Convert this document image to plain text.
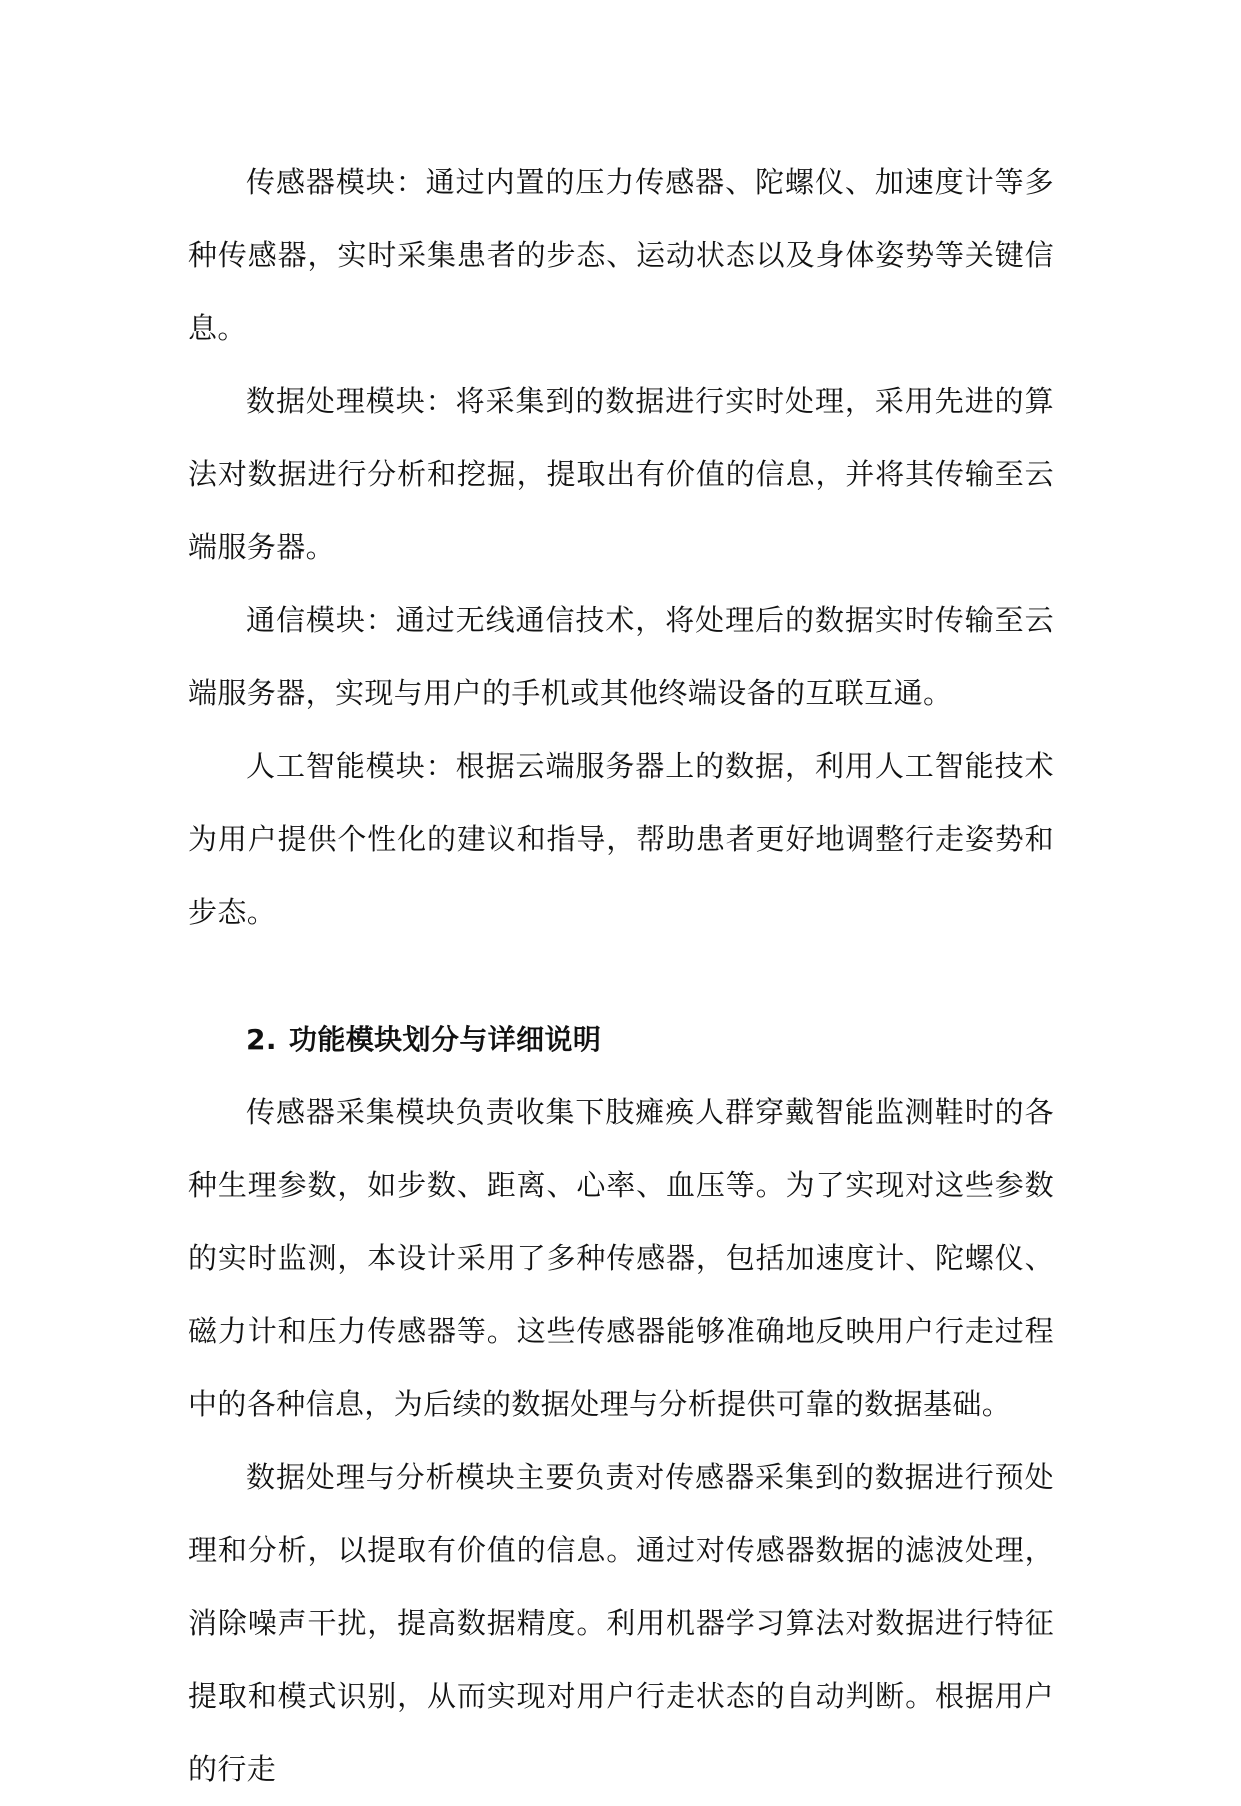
传感器模块：通过内置的压力传感器、陀螺仪、加速度计等多种传感器，实时采集患者的步态、运动状态以及身体姿势等关键信息。

数据处理模块：将采集到的数据进行实时处理，采用先进的算法对数据进行分析和挖掘，提取出有价值的信息，并将其传输至云端服务器。

通信模块：通过无线通信技术，将处理后的数据实时传输至云端服务器，实现与用户的手机或其他终端设备的互联互通。

人工智能模块：根据云端服务器上的数据，利用人工智能技术为用户提供个性化的建议和指导，帮助患者更好地调整行走姿势和步态。

2. 功能模块划分与详细说明

传感器采集模块负责收集下肢瘫痪人群穿戴智能监测鞋时的各种生理参数，如步数、距离、心率、血压等。为了实现对这些参数的实时监测，本设计采用了多种传感器，包括加速度计、陀螺仪、磁力计和压力传感器等。这些传感器能够准确地反映用户行走过程中的各种信息，为后续的数据处理与分析提供可靠的数据基础。

数据处理与分析模块主要负责对传感器采集到的数据进行预处理和分析，以提取有价值的信息。通过对传感器数据的滤波处理，消除噪声干扰，提高数据精度。利用机器学习算法对数据进行特征提取和模式识别，从而实现对用户行走状态的自动判断。根据用户的行走
